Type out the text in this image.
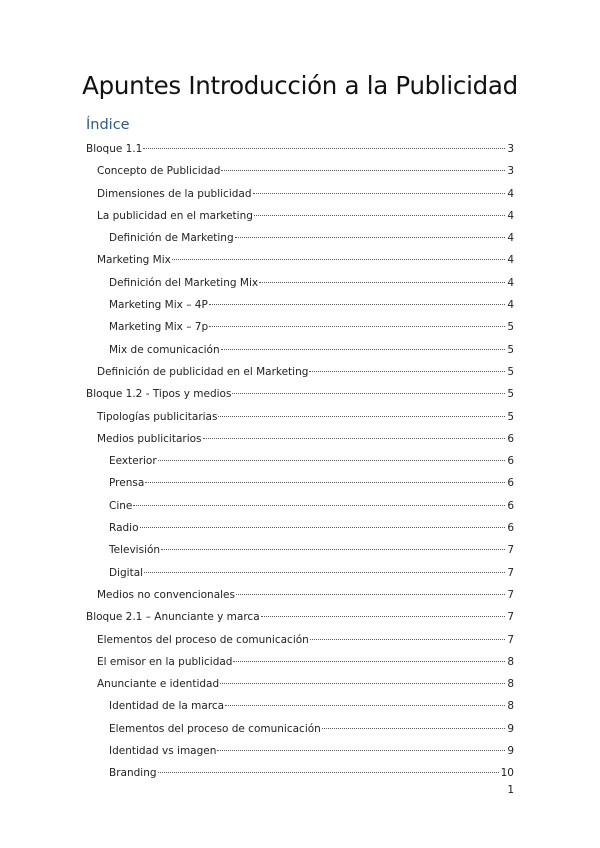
Apuntes Introducción a la Publicidad
Índice
Bloque 1.1	3
Concepto de Publicidad	3
Dimensiones de la publicidad	4
La publicidad en el marketing	4
Definición de Marketing	4
Marketing Mix	4
Definición del Marketing Mix	4
Marketing Mix – 4P	4
Marketing Mix – 7p	5
Mix de comunicación	5
Definición de publicidad en el Marketing	5
Bloque 1.2 - Tipos y medios	5
Tipologías publicitarias	5
Medios publicitarios	6
Eexterior	6
Prensa	6
Cine	6
Radio	6
Televisión	7
Digital	7
Medios no convencionales	7
Bloque 2.1 – Anunciante y marca	7
Elementos del proceso de comunicación	7
El emisor en la publicidad	8
Anunciante e identidad	8
Identidad de la marca	8
Elementos del proceso de comunicación	9
Identidad vs imagen	9
Branding	10
1
